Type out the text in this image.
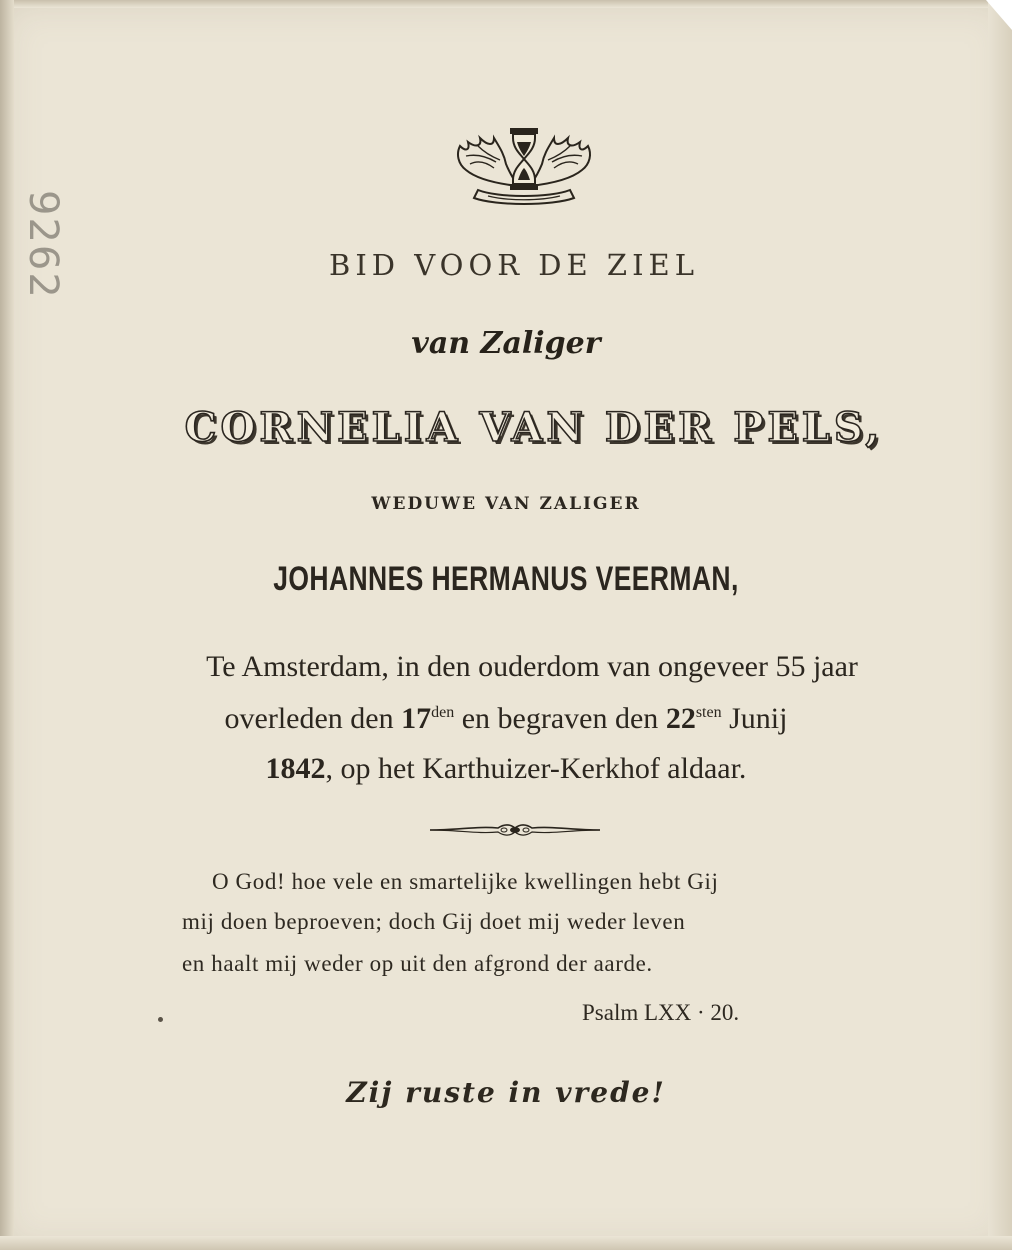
9262	BID VOOR DE ZIEL
van Zaliger
CORNELIA VAN DER PELS,
WEDUWE VAN ZALIGER
JOHANNES HERMANUS VEERMAN,
Te Amsterdam, in den ouderdom van ongeveer 55 jaar
overleden den $17^{den}$ en begraven den $22^{sten}$ Junij
1842, op het Karthuizer-Kerkhof aldaar.
O God! hoe vele en smartelijke kwellingen hebt Gij
mij doen beproeven; doch Gij doet mij weder leven
en haalt mij weder op uit den afgrond der aarde.
Psalm LXX · 20.
Zij ruste in vrede!
